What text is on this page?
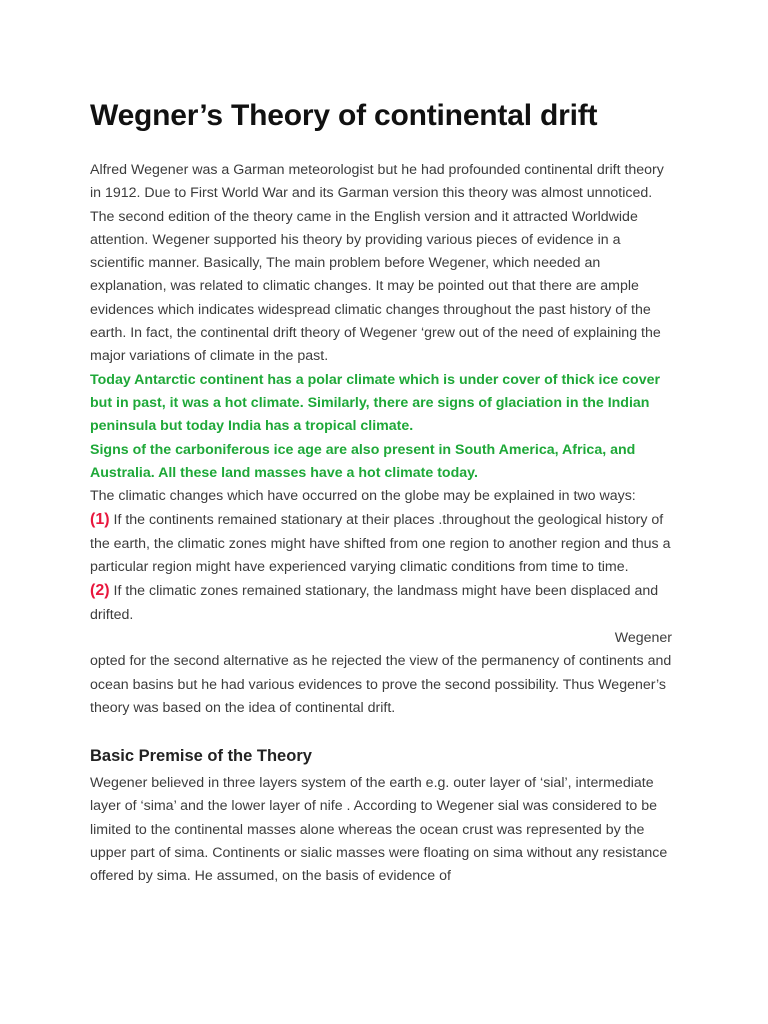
Wegner’s Theory of continental drift

Alfred Wegener was a Garman meteorologist but he had profounded continental drift theory in 1912. Due to First World War and its Garman version this theory was almost unnoticed. The second edition of the theory came in the English version and it attracted Worldwide attention. Wegener supported his theory by providing various pieces of evidence in a scientific manner. Basically, The main problem before Wegener, which needed an explanation, was related to climatic changes. It may be pointed out that there are ample evidences which indicates widespread climatic changes throughout the past history of the earth. In fact, the continental drift theory of Wegener ‘grew out of the need of explaining the major variations of climate in the past.

Today Antarctic continent has a polar climate which is under cover of thick ice cover but in past, it was a hot climate. Similarly, there are signs of glaciation in the Indian peninsula but today India has a tropical climate.

Signs of the carboniferous ice age are also present in South America, Africa, and Australia. All these land masses have a hot climate today.

The climatic changes which have occurred on the globe may be explained in two ways:

(1) If the continents remained stationary at their places .throughout the geological history of the earth, the climatic zones might have shifted from one region to another region and thus a particular region might have experienced varying climatic conditions from time to time.

(2) If the climatic zones remained stationary, the landmass might have been displaced and drifted.

Wegener

opted for the second alternative as he rejected the view of the permanency of continents and ocean basins but he had various evidences to prove the second possibility. Thus Wegener’s theory was based on the idea of continental drift.

Basic Premise of the Theory

Wegener believed in three layers system of the earth e.g. outer layer of ‘sial’, intermediate layer of ‘sima’ and the lower layer of nife . According to Wegener sial was considered to be limited to the continental masses alone whereas the ocean crust was represented by the upper part of sima. Continents or sialic masses were floating on sima without any resistance offered by sima. He assumed, on the basis of evidence of
